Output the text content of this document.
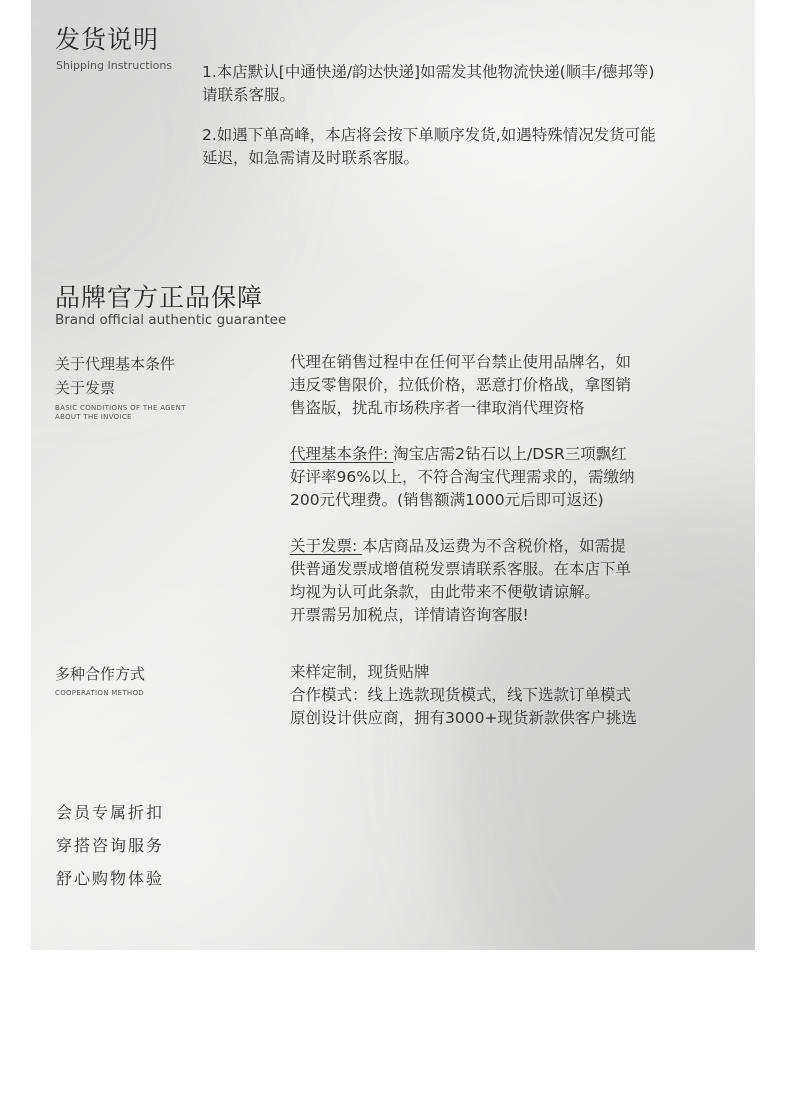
发货说明
Shipping Instructions 1.本店默认[中通快递/韵达快递]如需发其他物流快递(顺丰/德邦等)
请联系客服。
2.如遇下单高峰，本店将会按下单顺序发货,如遇特殊情况发货可能
延迟，如急需请及时联系客服。
品牌官方正品保障
Brand official authentic guarantee
关于代理基本条件
关于发票
BASIC CONDITIONS OF THE AGENT
ABOUT THE INVOICE
代理在销售过程中在任何平台禁止使用品牌名，如
违反零售限价，拉低价格，恶意打价格战，拿图销
售盗版，扰乱市场秩序者一律取消代理资格
代理基本条件: 淘宝店需2钻石以上/DSR三项飘红
好评率96%以上，不符合淘宝代理需求的，需缴纳
200元代理费。(销售额满1000元后即可返还)
关于发票: 本店商品及运费为不含税价格，如需提
供普通发票成增值税发票请联系客服。在本店下单
均视为认可此条款，由此带来不便敬请谅解。
开票需另加税点，详情请咨询客服!
多种合作方式
COOPERATION METHOD
来样定制，现货贴牌
合作模式：线上选款现货模式，线下选款订单模式
原创设计供应商，拥有3000+现货新款供客户挑选
会员专属折扣
穿搭咨询服务
舒心购物体验
